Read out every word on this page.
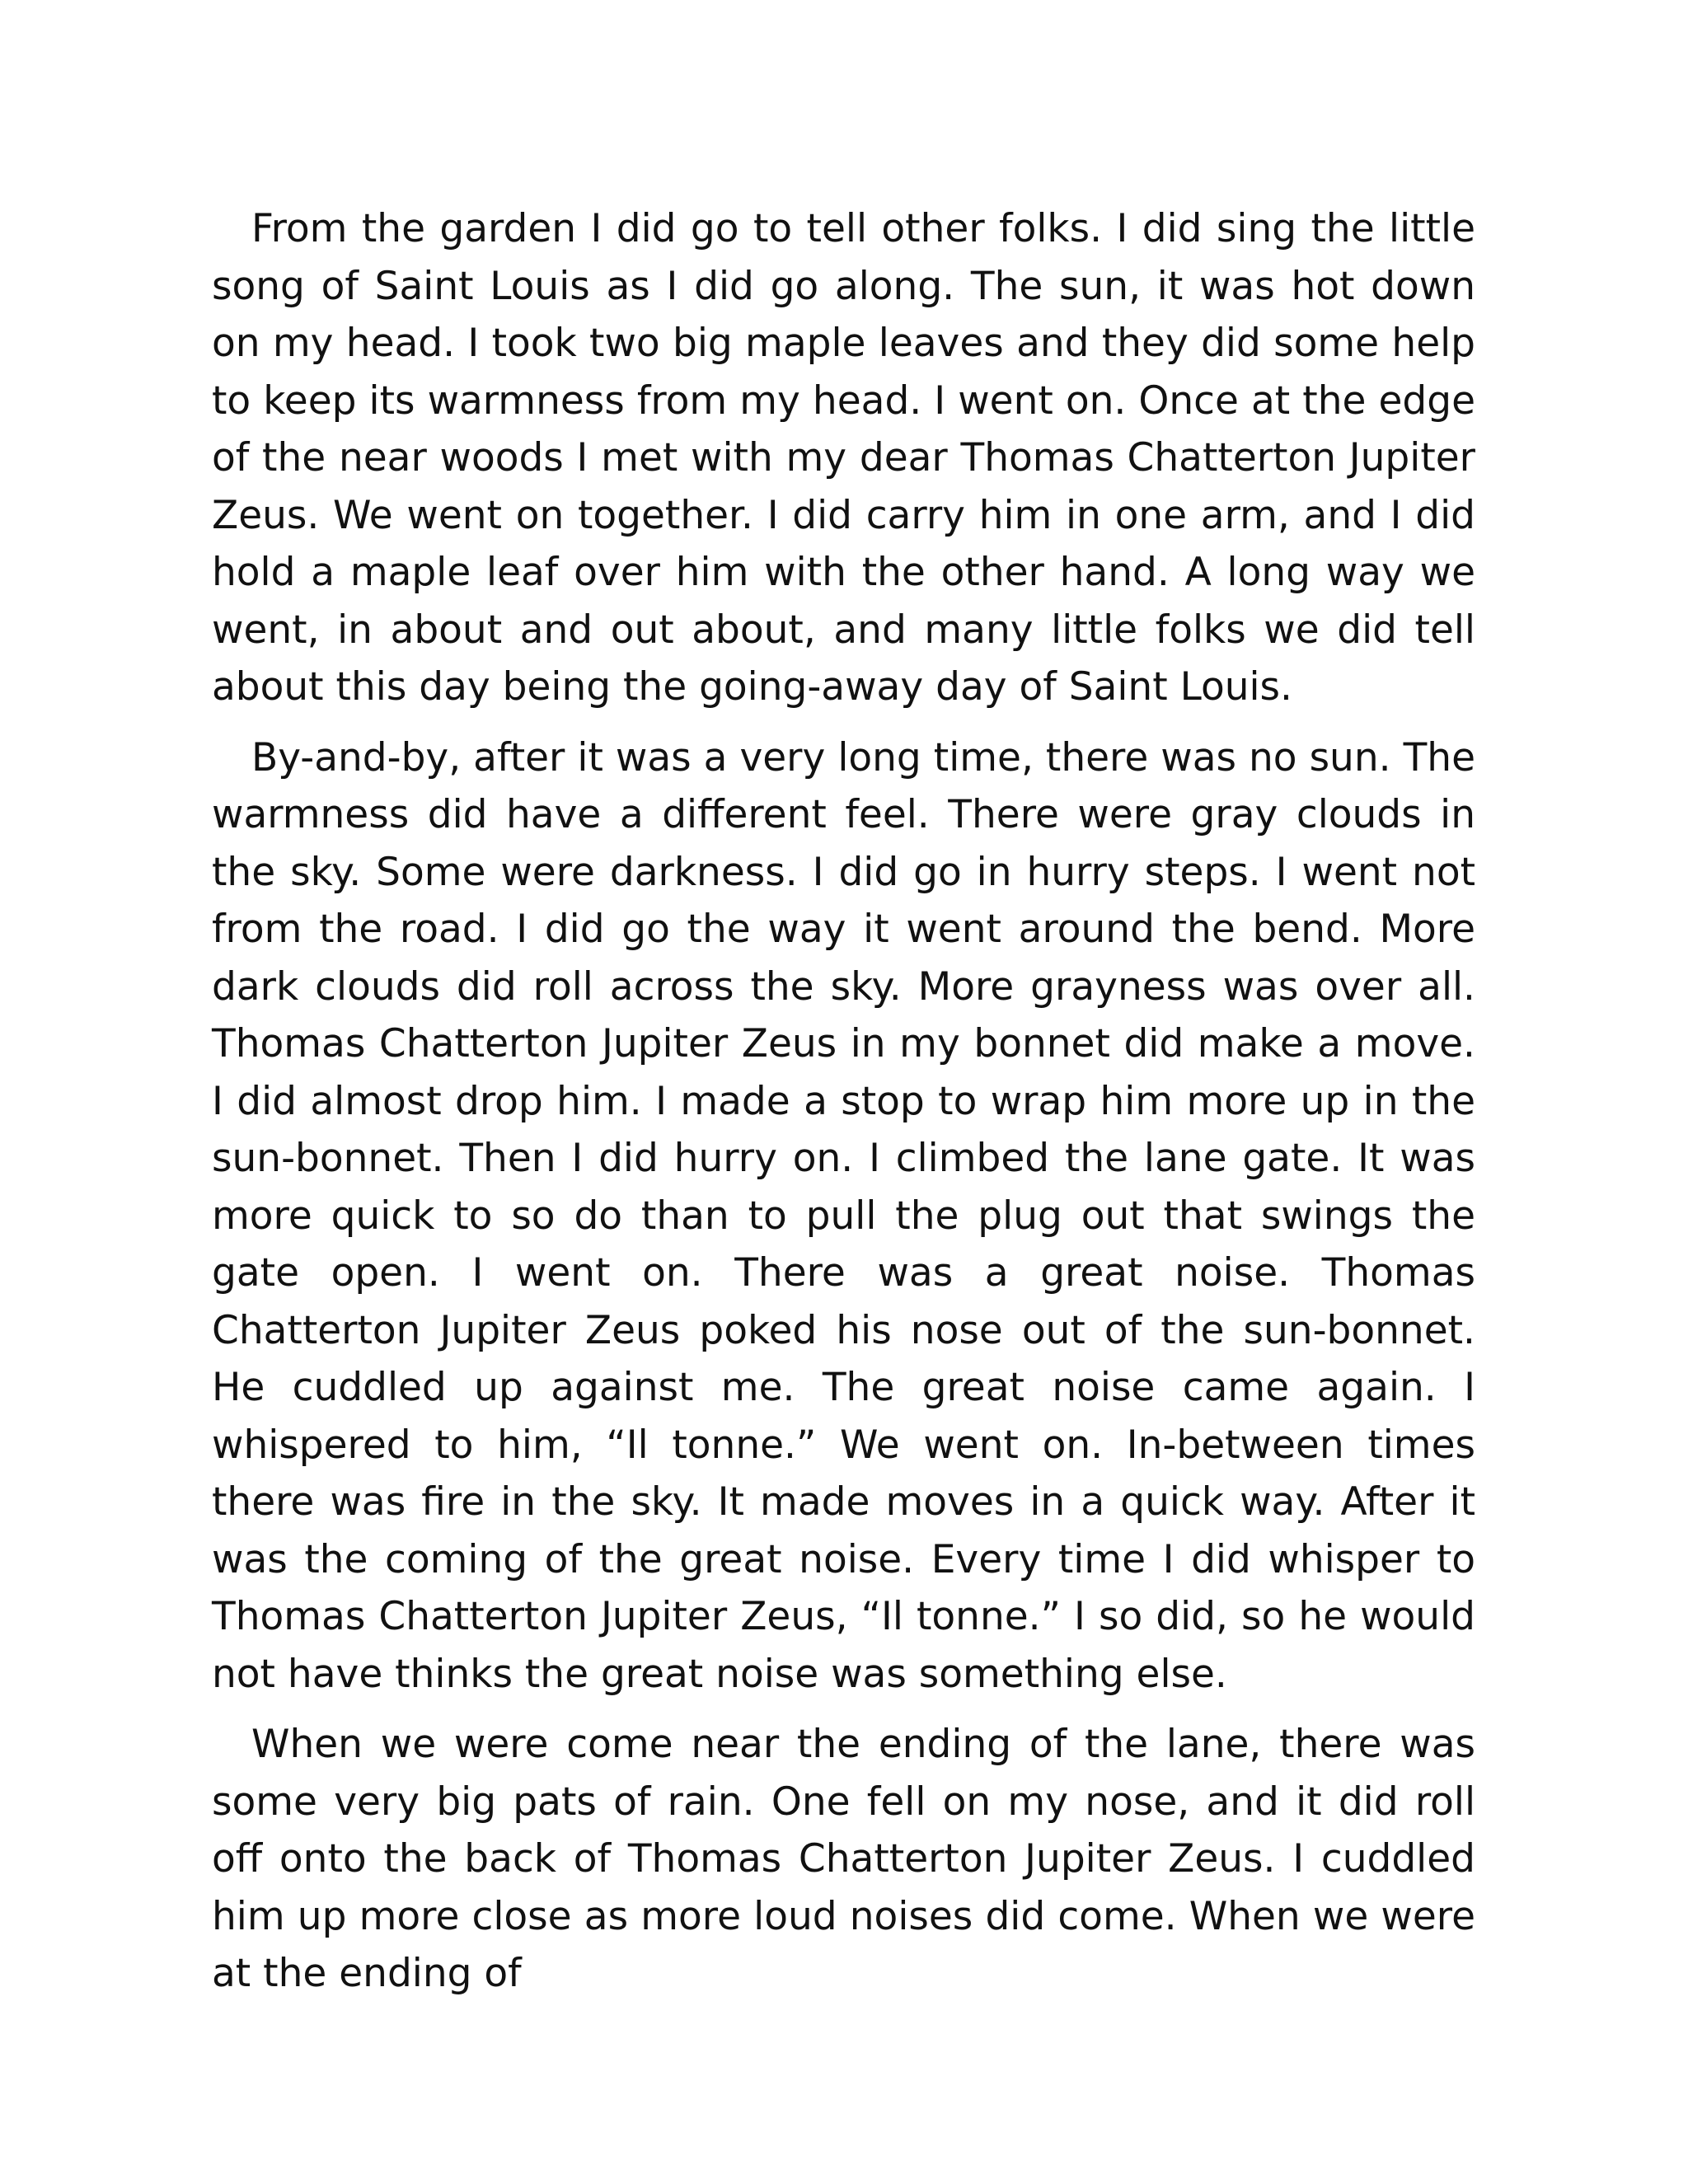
From the garden I did go to tell other folks. I did sing the little song of Saint Louis as I did go along. The sun, it was hot down on my head. I took two big maple leaves and they did some help to keep its warmness from my head. I went on. Once at the edge of the near woods I met with my dear Thomas Chatterton Jupiter Zeus. We went on together. I did carry him in one arm, and I did hold a maple leaf over him with the other hand. A long way we went, in about and out about, and many little folks we did tell about this day being the going-away day of Saint Louis.

By-and-by, after it was a very long time, there was no sun. The warmness did have a different feel. There were gray clouds in the sky. Some were darkness. I did go in hurry steps. I went not from the road. I did go the way it went around the bend. More dark clouds did roll across the sky. More grayness was over all. Thomas Chatterton Jupiter Zeus in my bonnet did make a move. I did almost drop him. I made a stop to wrap him more up in the sun-bonnet. Then I did hurry on. I climbed the lane gate. It was more quick to so do than to pull the plug out that swings the gate open. I went on. There was a great noise. Thomas Chatterton Jupiter Zeus poked his nose out of the sun-bonnet. He cuddled up against me. The great noise came again. I whispered to him, “Il tonne.” We went on. In-between times there was fire in the sky. It made moves in a quick way. After it was the coming of the great noise. Every time I did whisper to Thomas Chatterton Jupiter Zeus, “Il tonne.” I so did, so he would not have thinks the great noise was something else.

When we were come near the ending of the lane, there was some very big pats of rain. One fell on my nose, and it did roll off onto the back of Thomas Chatterton Jupiter Zeus. I cuddled him up more close as more loud noises did come. When we were at the ending of
